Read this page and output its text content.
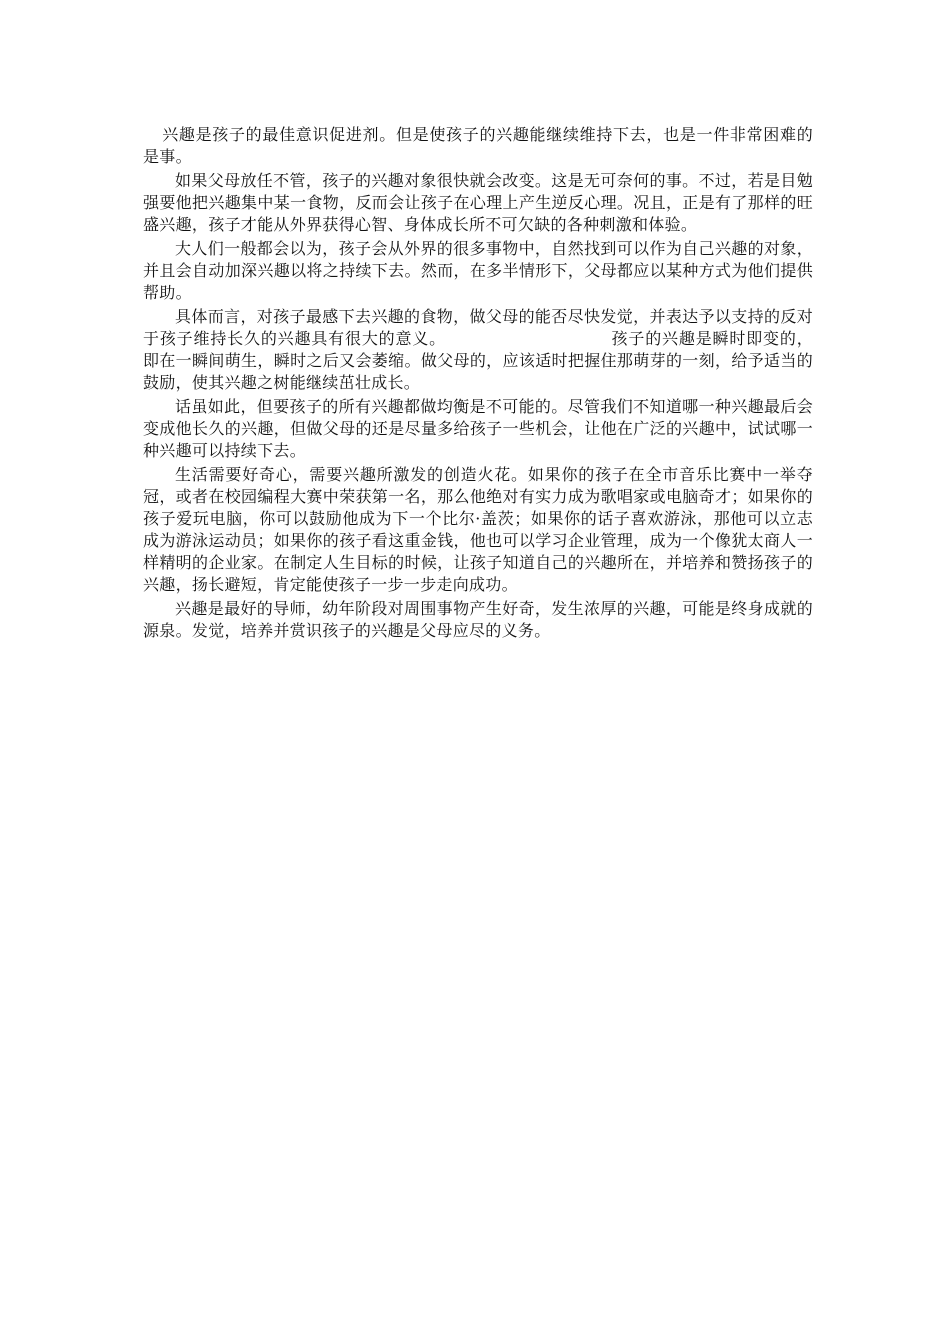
兴趣是孩子的最佳意识促进剂。但是使孩子的兴趣能继续维持下去，也是一件非常困难的是事。

如果父母放任不管，孩子的兴趣对象很快就会改变。这是无可奈何的事。不过，若是目勉强要他把兴趣集中某一食物，反而会让孩子在心理上产生逆反心理。况且，正是有了那样的旺盛兴趣，孩子才能从外界获得心智、身体成长所不可欠缺的各种刺激和体验。

大人们一般都会以为，孩子会从外界的很多事物中，自然找到可以作为自己兴趣的对象，并且会自动加深兴趣以将之持续下去。然而，在多半情形下，父母都应以某种方式为他们提供帮助。

具体而言，对孩子最感下去兴趣的食物，做父母的能否尽快发觉，并表达予以支持的反对于孩子维持长久的兴趣具有很大的意义。	孩子的兴趣是瞬时即变的，即在一瞬间萌生，瞬时之后又会萎缩。做父母的，应该适时把握住那萌芽的一刻，给予适当的鼓励，使其兴趣之树能继续茁壮成长。

话虽如此，但要孩子的所有兴趣都做均衡是不可能的。尽管我们不知道哪一种兴趣最后会变成他长久的兴趣，但做父母的还是尽量多给孩子一些机会，让他在广泛的兴趣中，试试哪一种兴趣可以持续下去。

生活需要好奇心，需要兴趣所激发的创造火花。如果你的孩子在全市音乐比赛中一举夺冠，或者在校园编程大赛中荣获第一名，那么他绝对有实力成为歌唱家或电脑奇才；如果你的孩子爱玩电脑，你可以鼓励他成为下一个比尔·盖茨；如果你的话子喜欢游泳，那他可以立志成为游泳运动员；如果你的孩子看这重金钱，他也可以学习企业管理，成为一个像犹太商人一样精明的企业家。在制定人生目标的时候，让孩子知道自己的兴趣所在，并培养和赞扬孩子的兴趣，扬长避短，肯定能使孩子一步一步走向成功。

兴趣是最好的导师，幼年阶段对周围事物产生好奇，发生浓厚的兴趣，可能是终身成就的源泉。发觉，培养并赏识孩子的兴趣是父母应尽的义务。
